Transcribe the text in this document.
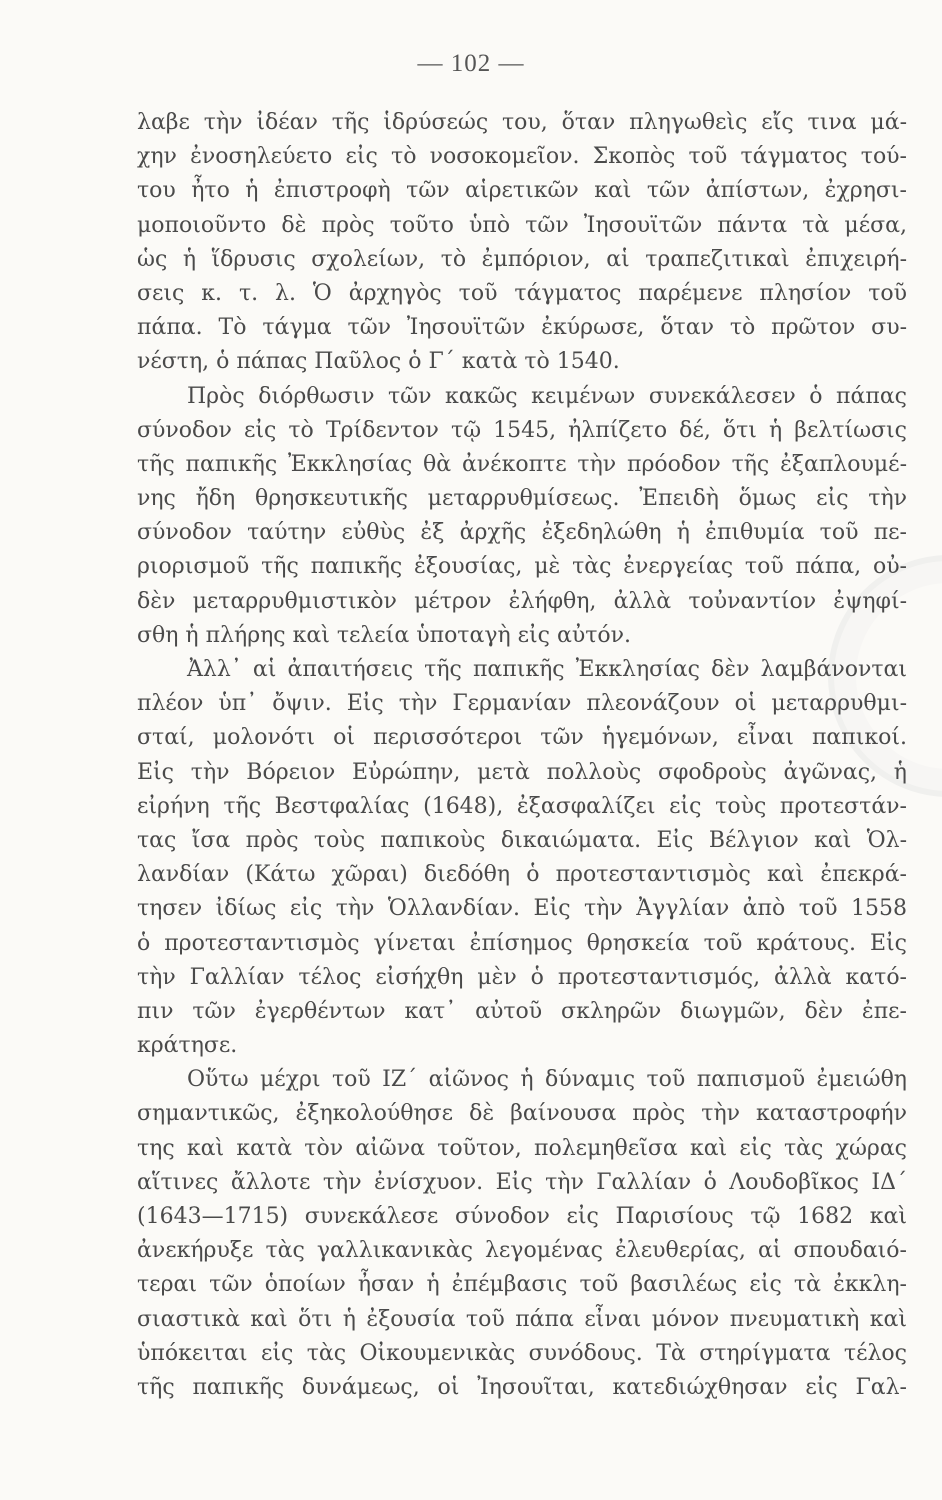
— 102 —
λαβε τὴν ἰδέαν τῆς ἱδρύσεώς του, ὅταν πληγωθεὶς εἴς τινα μά-
χην ἐνοσηλεύετο εἰς τὸ νοσοκομεῖον. Σκοπὸς τοῦ τάγματος τού-
του ἦτο ἡ ἐπιστροφὴ τῶν αἱρετικῶν καὶ τῶν ἀπίστων, ἐχρησι-
μοποιοῦντο δὲ πρὸς τοῦτο ὑπὸ τῶν Ἰησουϊτῶν πάντα τὰ μέσα,
ὡς ἡ ἵδρυσις σχολείων, τὸ ἐμπόριον, αἱ τραπεζιτικαὶ ἐπιχειρή-
σεις κ. τ. λ. Ὁ ἀρχηγὸς τοῦ τάγματος παρέμενε πλησίον τοῦ
πάπα. Τὸ τάγμα τῶν Ἰησουϊτῶν ἐκύρωσε, ὅταν τὸ πρῶτον συ-
νέστη, ὁ πάπας Παῦλος ὁ Γ΄ κατὰ τὸ 1540.
Πρὸς διόρθωσιν τῶν κακῶς κειμένων συνεκάλεσεν ὁ πάπας
σύνοδον εἰς τὸ Τρίδεντον τῷ 1545, ἠλπίζετο δέ, ὅτι ἡ βελτίωσις
τῆς παπικῆς Ἐκκλησίας θὰ ἀνέκοπτε τὴν πρόοδον τῆς ἐξαπλουμέ-
νης ἤδη θρησκευτικῆς μεταρρυθμίσεως. Ἐπειδὴ ὅμως εἰς τὴν
σύνοδον ταύτην εὐθὺς ἐξ ἀρχῆς ἐξεδηλώθη ἡ ἐπιθυμία τοῦ πε-
ριορισμοῦ τῆς παπικῆς ἐξουσίας, μὲ τὰς ἐνεργείας τοῦ πάπα, οὐ-
δὲν μεταρρυθμιστικὸν μέτρον ἐλήφθη, ἀλλὰ τοὐναντίον ἐψηφί-
σθη ἡ πλήρης καὶ τελεία ὑποταγὴ εἰς αὐτόν.
Ἀλλ᾽ αἱ ἀπαιτήσεις τῆς παπικῆς Ἐκκλησίας δὲν λαμβάνονται
πλέον ὑπ᾽ ὄψιν. Εἰς τὴν Γερμανίαν πλεονάζουν οἱ μεταρρυθμι-
σταί, μολονότι οἱ περισσότεροι τῶν ἡγεμόνων, εἶναι παπικοί.
Εἰς τὴν Βόρειον Εὐρώπην, μετὰ πολλοὺς σφοδροὺς ἀγῶνας, ἡ
εἰρήνη τῆς Βεστφαλίας (1648), ἐξασφαλίζει εἰς τοὺς προτεστάν-
τας ἴσα πρὸς τοὺς παπικοὺς δικαιώματα. Εἰς Βέλγιον καὶ Ὁλ-
λανδίαν (Κάτω χῶραι) διεδόθη ὁ προτεσταντισμὸς καὶ ἐπεκρά-
τησεν ἰδίως εἰς τὴν Ὁλλανδίαν. Εἰς τὴν Ἀγγλίαν ἀπὸ τοῦ 1558
ὁ προτεσταντισμὸς γίνεται ἐπίσημος θρησκεία τοῦ κράτους. Εἰς
τὴν Γαλλίαν τέλος εἰσήχθη μὲν ὁ προτεσταντισμός, ἀλλὰ κατό-
πιν τῶν ἐγερθέντων κατ᾽ αὐτοῦ σκληρῶν διωγμῶν, δὲν ἐπε-
κράτησε.
Οὕτω μέχρι τοῦ ΙΖ΄ αἰῶνος ἡ δύναμις τοῦ παπισμοῦ ἐμειώθη
σημαντικῶς, ἐξηκολούθησε δὲ βαίνουσα πρὸς τὴν καταστροφήν
της καὶ κατὰ τὸν αἰῶνα τοῦτον, πολεμηθεῖσα καὶ εἰς τὰς χώρας
αἵτινες ἄλλοτε τὴν ἐνίσχυον. Εἰς τὴν Γαλλίαν ὁ Λουδοβῖκος ΙΔ΄
(1643—1715) συνεκάλεσε σύνοδον εἰς Παρισίους τῷ 1682 καὶ
ἀνεκήρυξε τὰς γαλλικανικὰς λεγομένας ἐλευθερίας, αἱ σπουδαιό-
τεραι τῶν ὁποίων ἦσαν ἡ ἐπέμβασις τοῦ βασιλέως εἰς τὰ ἐκκλη-
σιαστικὰ καὶ ὅτι ἡ ἐξουσία τοῦ πάπα εἶναι μόνον πνευματικὴ καὶ
ὑπόκειται εἰς τὰς Οἰκουμενικὰς συνόδους. Τὰ στηρίγματα τέλος
τῆς παπικῆς δυνάμεως, οἱ Ἰησουῖται, κατεδιώχθησαν εἰς Γαλ-
